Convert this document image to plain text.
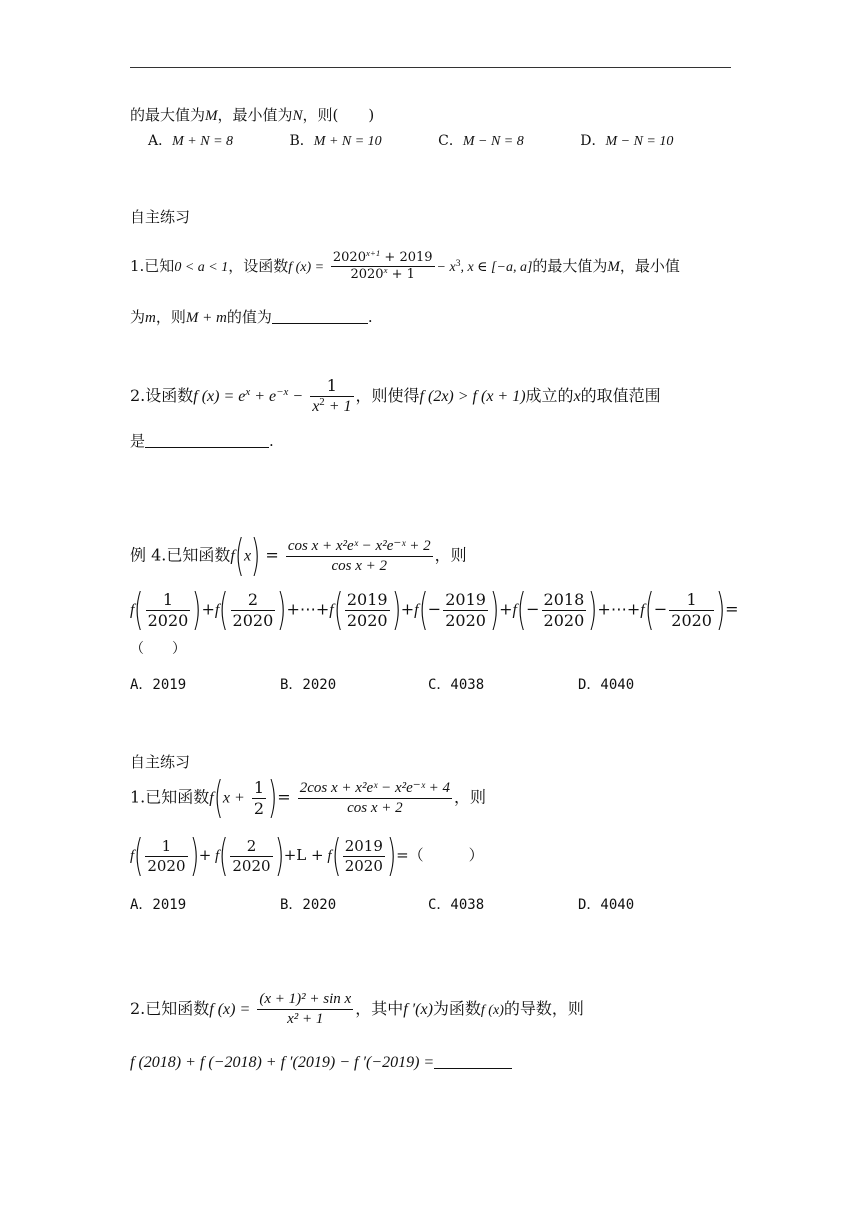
的最大值为M，最小值为N，则(　　)
A．M + N = 8	B．M + N = 10	C．M − N = 8	D．M − N = 10
自主练习
1.已知0 < a < 1，设函数f $(x) = \frac{2020^{x+1} + 2019}{2020^x + 1} - x^3$, x ∈ [−a, a]的最大值为M，最小值
为m，则M + m的值为	.
2.设函数f $(x) = e^x + e^{-x} - \frac{1}{x^2 + 1}$ ，则使得f (2x) > f (x + 1)成立的x的取值范围
是	.
例 4.已知函数$f(x) = \frac{\text{cos x + x²eˣ − x²e⁻ˣ + 2}}{\text{cos x + 2}}$ ，则
$f( \frac{1}{2020} )+f( \frac{2}{2020}$ )+⋯+f( $\frac{2019}{2020} )+f(- \frac{2019}{2020} )+f(- \frac{2018}{2020}$ )+⋯+f(− $\frac{1}{2020}$ )=
（　　）
A．2019	B．2020	C．4038	D．4040
自主练习
1.已知函数$f(x + \frac{1}{2}$ )= $\frac{\text{2cos x + x²eˣ − x²e⁻ˣ + 4}}{\text{cos x + 2}}$ ，则
$f( \frac{1}{2020}$ )+ $f( \frac{2}{2020} )+L + f( \frac{2019}{2020}$ )=（　　　）
A．2019	B．2020	C．4038	D．4040
2.已知函数f $(x) = \frac{\text{(x + 1)² + sin x}}{\text{x² + 1}}$ ，其中f ′(x)为函数f (x)的导数，则
f (2018) + f (−2018) + f ′(2019) − f ′(−2019) =
